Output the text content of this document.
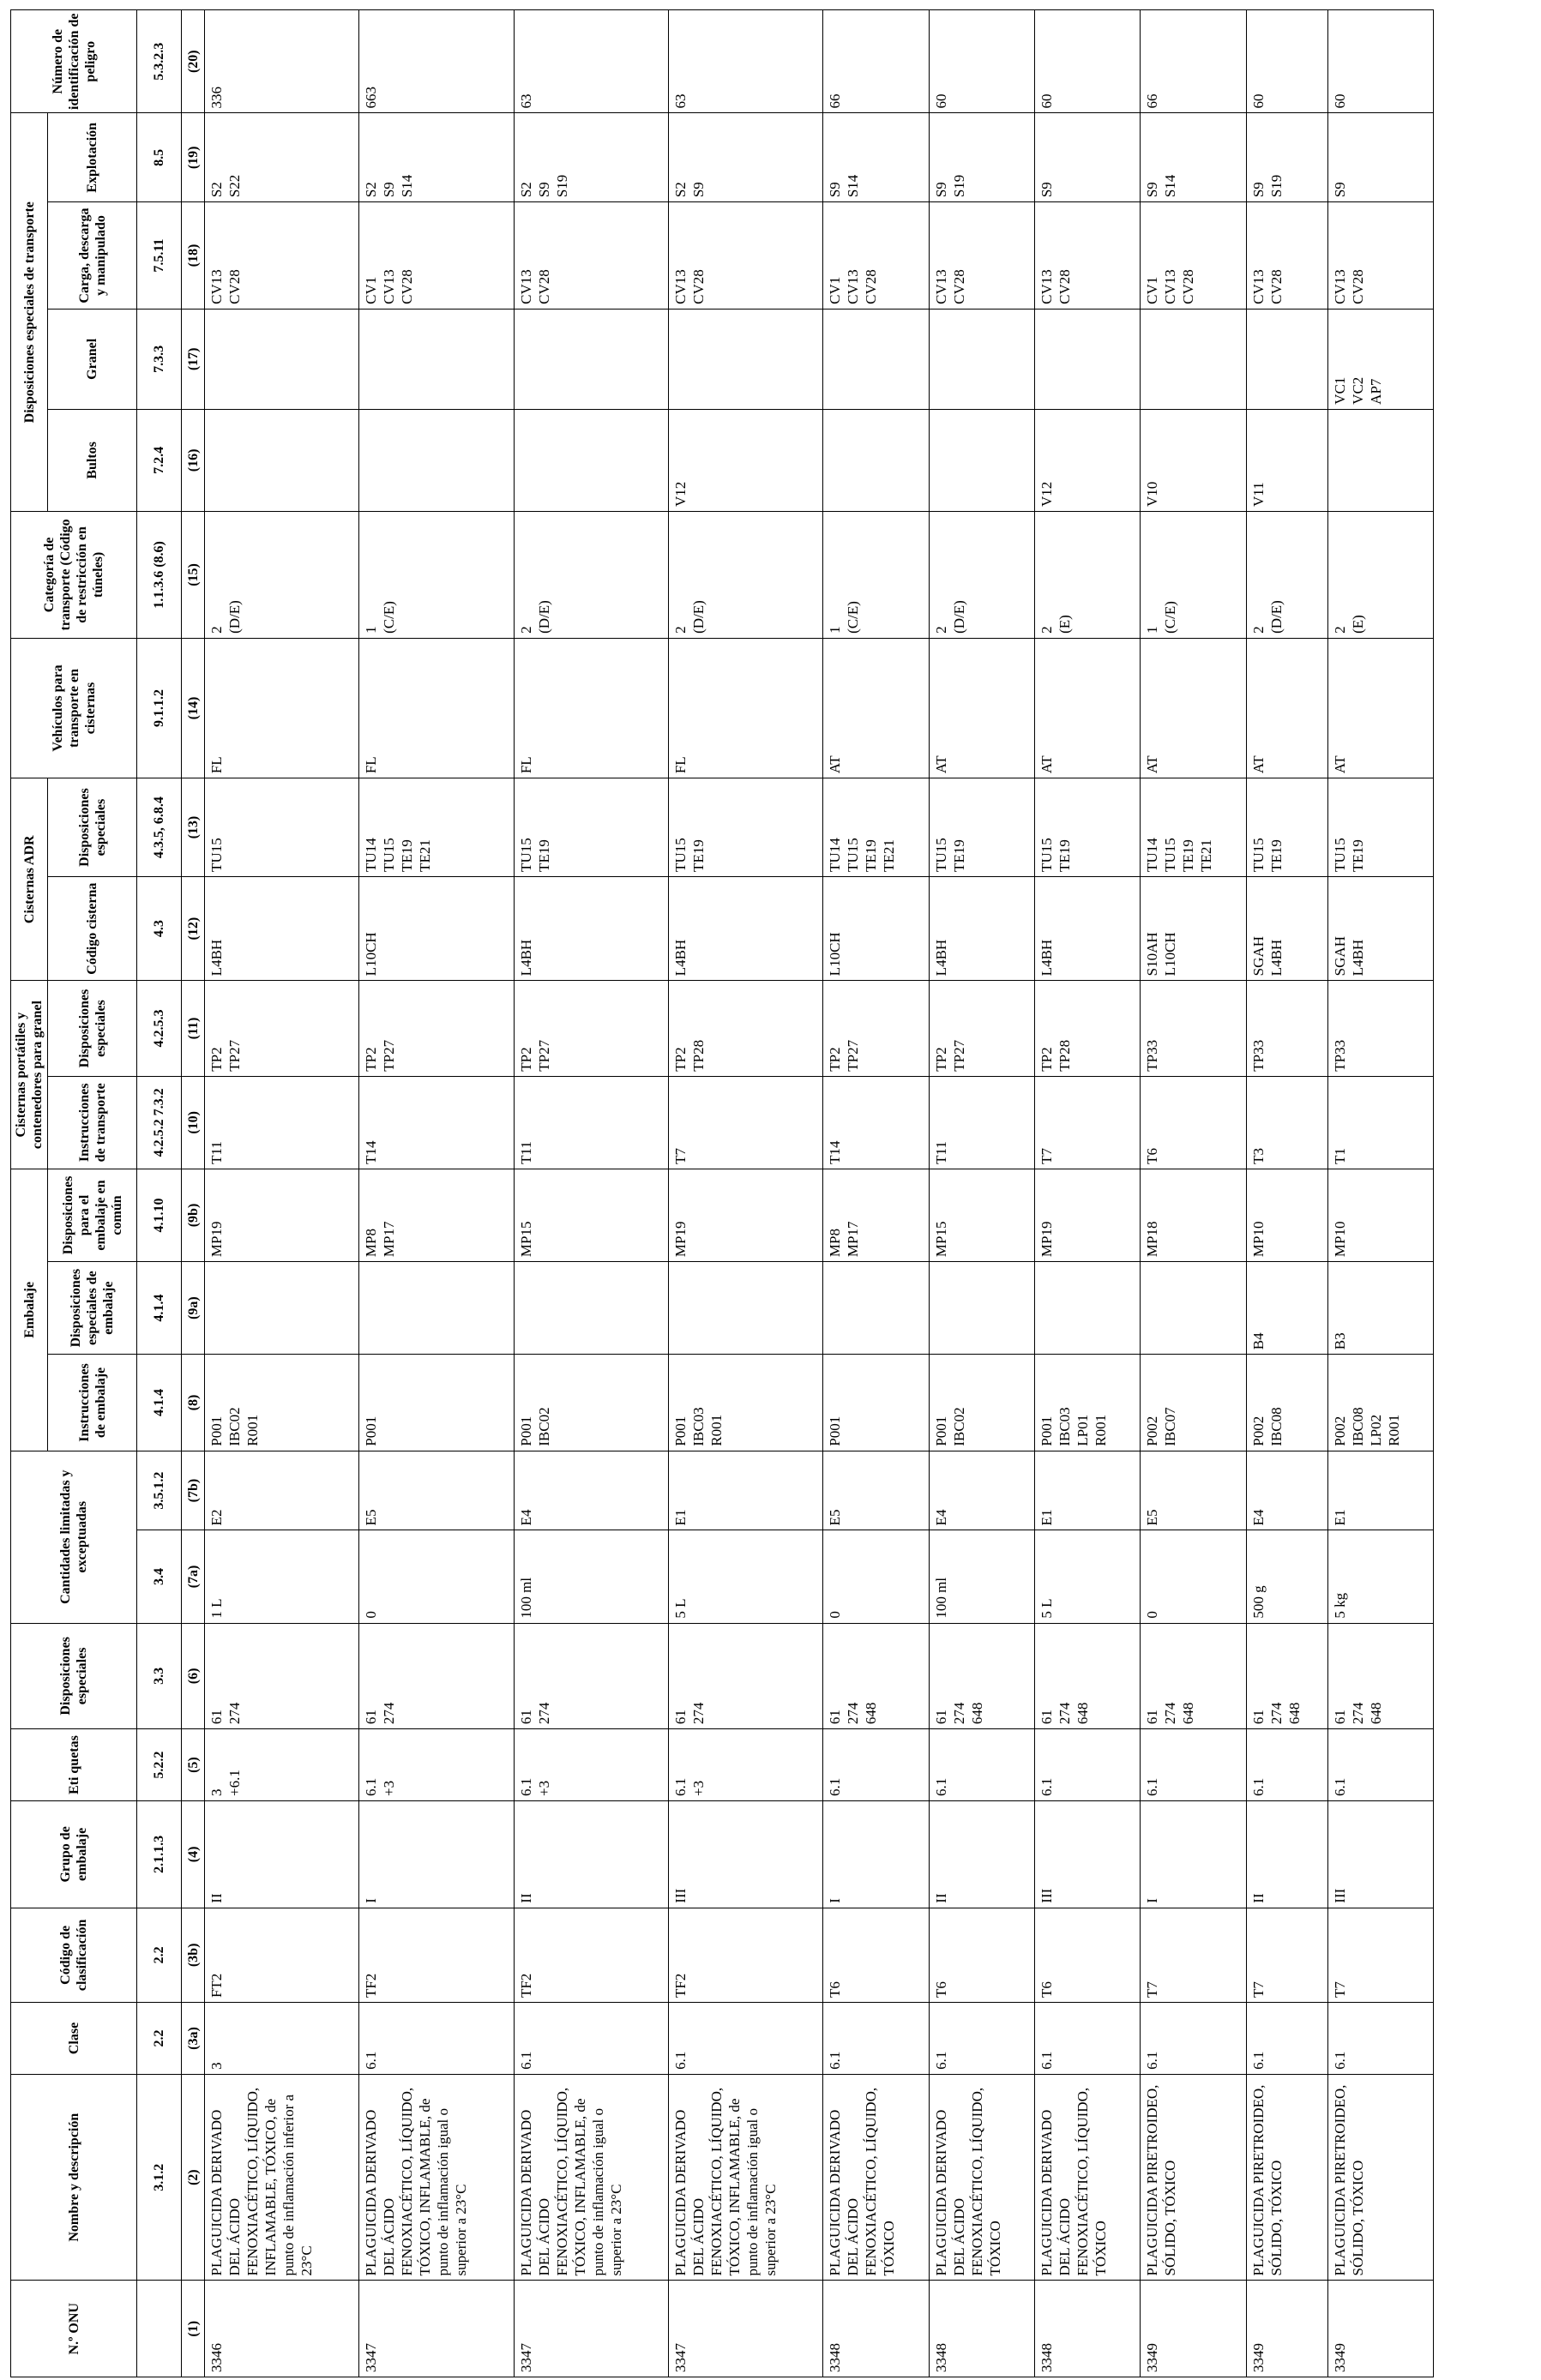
N.º ONU	Nombre y descripción	Clase	Código de clasificación	Grupo de embalaje	Eti quetas	Disposiciones especiales	Cantidades limitadas y exceptuadas		Embalaje			Cisternas portátiles y contenedores para granel		Cisternas ADR		Vehículos para transporte en cisternas	Categoría de transporte (Código de restricción en túneles)	Disposiciones especiales de transporte				Número de identificación de peligro

									Instrucciones de embalaje	Disposiciones especiales de embalaje	Disposiciones para el embalaje en común	Instrucciones de transporte	Disposiciones especiales	Código cisterna	Disposiciones especiales			Bultos	Granel	Carga, descarga y manipulado	Explotación	
	3.1.2	2.2	2.2	2.1.1.3	5.2.2	3.3	3.4	3.5.1.2	4.1.4	4.1.4	4.1.10	4.2.5.2 7.3.2	4.2.5.3	4.3	4.3.5, 6.8.4	9.1.1.2	1.1.3.6 (8.6)	7.2.4	7.3.3	7.5.11	8.5	5.3.2.3
(1)	(2)	(3a)	(3b)	(4)	(5)	(6)	(7a)	(7b)	(8)	(9a)	(9b)	(10)	(11)	(12)	(13)	(14)	(15)	(16)	(17)	(18)	(19)	(20)

3346	PLAGUICIDA DERIVADO DEL ÁCIDO FENOXIACÉTICO, LÍQUIDO, INFLAMABLE, TÓXICO, de punto de inflamación inferior a 23°C	3	FT2	II	3 +6.1	61 274	1 L	E2	P001 IBC02 R001		MP19	T11	TP2 TP27	L4BH	TU15	FL	2 (D/E)			CV13 CV28	S2 S22	336

3347	PLAGUICIDA DERIVADO DEL ÁCIDO FENOXIACÉTICO, LÍQUIDO, TÓXICO, INFLAMABLE, de punto de inflamación igual o superior a 23°C	6.1	TF2	I	6.1 +3	61 274	0	E5	P001		MP8 MP17	T14	TP2 TP27	L10CH	TU14 TU15 TE19 TE21	FL	1 (C/E)			CV1 CV13 CV28	S2 S9 S14	663

3347	PLAGUICIDA DERIVADO DEL ÁCIDO FENOXIACÉTICO, LÍQUIDO, TÓXICO, INFLAMABLE, de punto de inflamación igual o superior a 23°C	6.1	TF2	II	6.1 +3	61 274	100 ml	E4	P001 IBC02		MP15	T11	TP2 TP27	L4BH	TU15 TE19	FL	2 (D/E)			CV13 CV28	S2 S9 S19	63

3347	PLAGUICIDA DERIVADO DEL ÁCIDO FENOXIACÉTICO, LÍQUIDO, TÓXICO, INFLAMABLE, de punto de inflamación igual o superior a 23°C	6.1	TF2	III	6.1 +3	61 274	5 L	E1	P001 IBC03 R001		MP19	T7	TP2 TP28	L4BH	TU15 TE19	FL	2 (D/E)	V12		CV13 CV28	S2 S9	63

3348	PLAGUICIDA DERIVADO DEL ÁCIDO FENOXIACÉTICO, LÍQUIDO, TÓXICO	6.1	T6	I	6.1	61 274 648	0	E5	P001		MP8 MP17	T14	TP2 TP27	L10CH	TU14 TU15 TE19 TE21	AT	1 (C/E)			CV1 CV13 CV28	S9 S14	66

3348	PLAGUICIDA DERIVADO DEL ÁCIDO FENOXIACÉTICO, LÍQUIDO, TÓXICO	6.1	T6	II	6.1	61 274 648	100 ml	E4	P001 IBC02		MP15	T11	TP2 TP27	L4BH	TU15 TE19	AT	2 (D/E)			CV13 CV28	S9 S19	60

3348	PLAGUICIDA DERIVADO DEL ÁCIDO FENOXIACÉTICO, LÍQUIDO, TÓXICO	6.1	T6	III	6.1	61 274 648	5 L	E1	P001 IBC03 LP01 R001		MP19	T7	TP2 TP28	L4BH	TU15 TE19	AT	2 (E)	V12		CV13 CV28	S9	60

3349	PLAGUICIDA PIRETROIDEO, SÓLIDO, TÓXICO	6.1	T7	I	6.1	61 274 648	0	E5	P002 IBC07		MP18	T6	TP33	S10AH L10CH	TU14 TU15 TE19 TE21	AT	1 (C/E)	V10		CV1 CV13 CV28	S9 S14	66

3349	PLAGUICIDA PIRETROIDEO, SÓLIDO, TÓXICO	6.1	T7	II	6.1	61 274 648	500 g	E4	P002 IBC08	B4	MP10	T3	TP33	SGAH L4BH	TU15 TE19	AT	2 (D/E)	V11		CV13 CV28	S9 S19	60

3349	PLAGUICIDA PIRETROIDEO, SÓLIDO, TÓXICO	6.1	T7	III	6.1	61 274 648	5 kg	E1	P002 IBC08 LP02 R001	B3	MP10	T1	TP33	SGAH L4BH	TU15 TE19	AT	2 (E)		VC1 VC2 AP7	CV13 CV28	S9	60
